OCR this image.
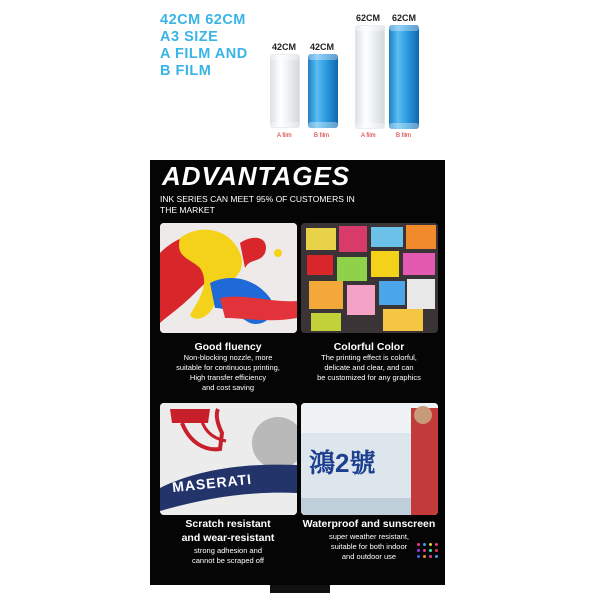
42CM 62CM
A3 SIZE
A FILM AND
B FILM
42CM 42CM
62CM 62CM
A film	B film	A film	B film
ADVANTAGES
INK SERIES CAN MEET 95% OF CUSTOMERS IN THE MARKET
Good fluency
Non-blocking nozzle, more
suitable for continuous printing,
High transfer efficiency
and cost saving
Colorful Color
The printing effect is colorful,
delicate and clear, and can
be customized for any graphics
MASERATI
Scratch resistant
and wear-resistant
strong adhesion and
cannot be scraped off
鴻2號
Waterproof and sunscreen
super weather resistant,
suitable for both indoor
and outdoor use
